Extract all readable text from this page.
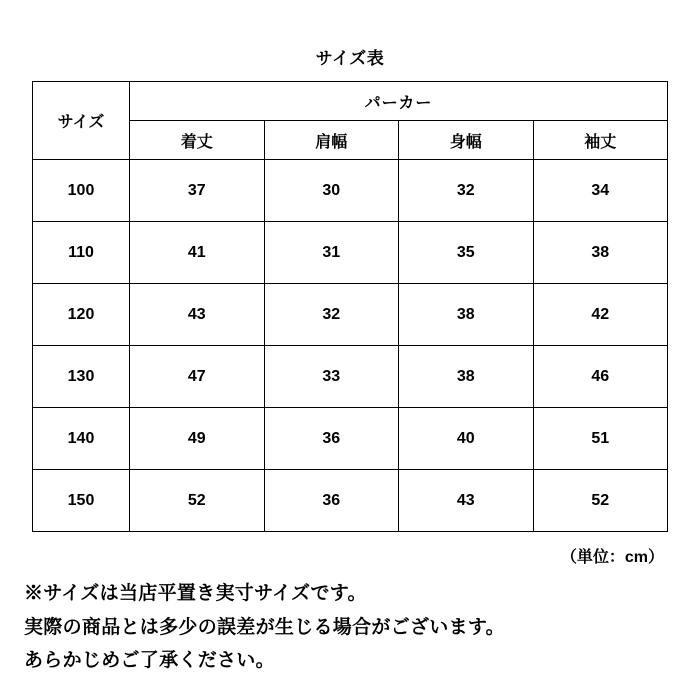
サイズ表
サイズ	パーカー			
	着丈	肩幅	身幅	袖丈
100	37	30	32	34
110	41	31	35	38
120	43	32	38	42
130	47	33	38	46
140	49	36	40	51
150	52	36	43	52
（単位：cm）

※サイズは当店平置き実寸サイズです。

実際の商品とは多少の誤差が生じる場合がございます。

あらかじめご了承ください。
